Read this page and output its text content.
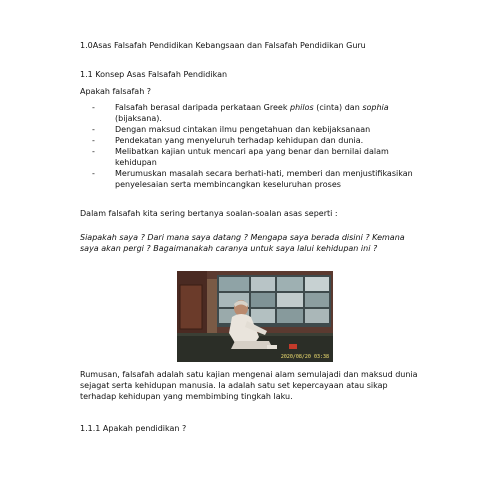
1.0Asas Falsafah Pendidikan Kebangsaan dan Falsafah Pendidikan Guru

1.1 Konsep Asas Falsafah Pendidikan

Apakah falsafah ?

-	Falsafah berasal daripada perkataan Greek philos (cinta) dan sophia (bijaksana).
-	Dengan maksud cintakan ilmu pengetahuan dan kebijaksanaan
-	Pendekatan yang menyeluruh terhadap kehidupan dan dunia.
-	Melibatkan kajian untuk mencari apa yang benar dan bernilai dalam kehidupan
-	Merumuskan masalah secara berhati-hati, memberi dan menjustifikasikan penyelesaian serta membincangkan keseluruhan proses

Dalam falsafah kita sering bertanya soalan-soalan asas seperti :

Siapakah saya ? Dari mana saya datang ? Mengapa saya berada disini ? Kemana saya akan pergi ? Bagaimanakah caranya untuk saya lalui kehidupan ini ?

2020/08/20 03:38

Rumusan, falsafah adalah satu kajian mengenai alam semulajadi dan maksud dunia sejagat serta kehidupan manusia. Ia adalah satu set kepercayaan atau sikap terhadap kehidupan yang membimbing tingkah laku.

1.1.1 Apakah pendidikan ?
